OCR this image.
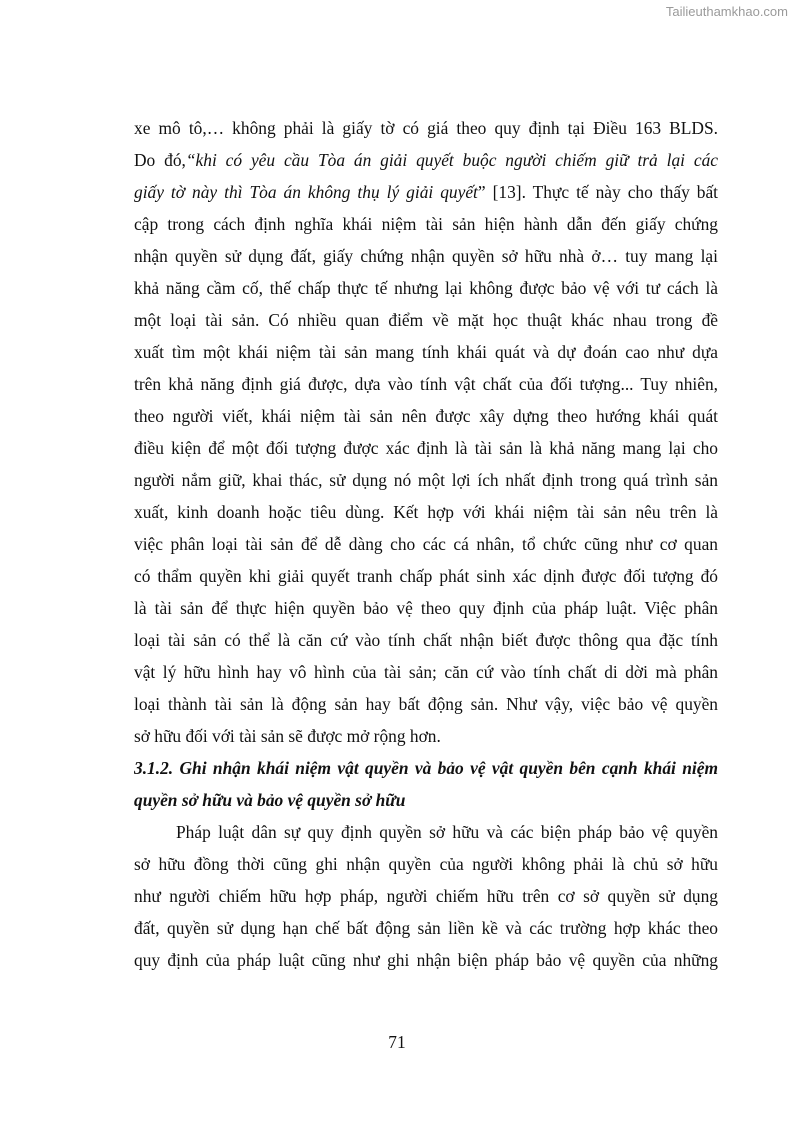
Tailieuthamkhao.com
xe mô tô,… không phải là giấy tờ có giá theo quy định tại Điều 163 BLDS.
Do đó,“khi có yêu cầu Tòa án giải quyết buộc người chiếm giữ trả lại các
giấy tờ này thì Tòa án không thụ lý giải quyết” [13]. Thực tế này cho thấy bất
cập trong cách định nghĩa khái niệm tài sản hiện hành dẫn đến giấy chứng
nhận quyền sử dụng đất, giấy chứng nhận quyền sở hữu nhà ở… tuy mang lại
khả năng cầm cố, thế chấp thực tế nhưng lại không được bảo vệ với tư cách là
một loại tài sản. Có nhiều quan điểm về mặt học thuật khác nhau trong đề
xuất tìm một khái niệm tài sản mang tính khái quát và dự đoán cao như dựa
trên khả năng định giá được, dựa vào tính vật chất của đối tượng... Tuy nhiên,
theo người viết, khái niệm tài sản nên được xây dựng theo hướng khái quát
điều kiện để một đối tượng được xác định là tài sản là khả năng mang lại cho
người nắm giữ, khai thác, sử dụng nó một lợi ích nhất định trong quá trình sản
xuất, kinh doanh hoặc tiêu dùng. Kết hợp với khái niệm tài sản nêu trên là
việc phân loại tài sản để dễ dàng cho các cá nhân, tổ chức cũng như cơ quan
có thẩm quyền khi giải quyết tranh chấp phát sinh xác dịnh được đối tượng đó
là tài sản để thực hiện quyền bảo vệ theo quy định của pháp luật. Việc phân
loại tài sản có thể là căn cứ vào tính chất nhận biết được thông qua đặc tính
vật lý hữu hình hay vô hình của tài sản; căn cứ vào tính chất di dời mà phân
loại thành tài sản là động sản hay bất động sản. Như vậy, việc bảo vệ quyền
sở hữu đối với tài sản sẽ được mở rộng hơn.
3.1.2. Ghi nhận khái niệm vật quyền và bảo vệ vật quyền bên cạnh khái niệm
quyền sở hữu và bảo vệ quyền sở hữu
Pháp luật dân sự quy định quyền sở hữu và các biện pháp bảo vệ quyền
sở hữu đồng thời cũng ghi nhận quyền của người không phải là chủ sở hữu
như người chiếm hữu hợp pháp, người chiếm hữu trên cơ sở quyền sử dụng
đất, quyền sử dụng hạn chế bất động sản liền kề và các trường hợp khác theo
quy định của pháp luật cũng như ghi nhận biện pháp bảo vệ quyền của những
71
